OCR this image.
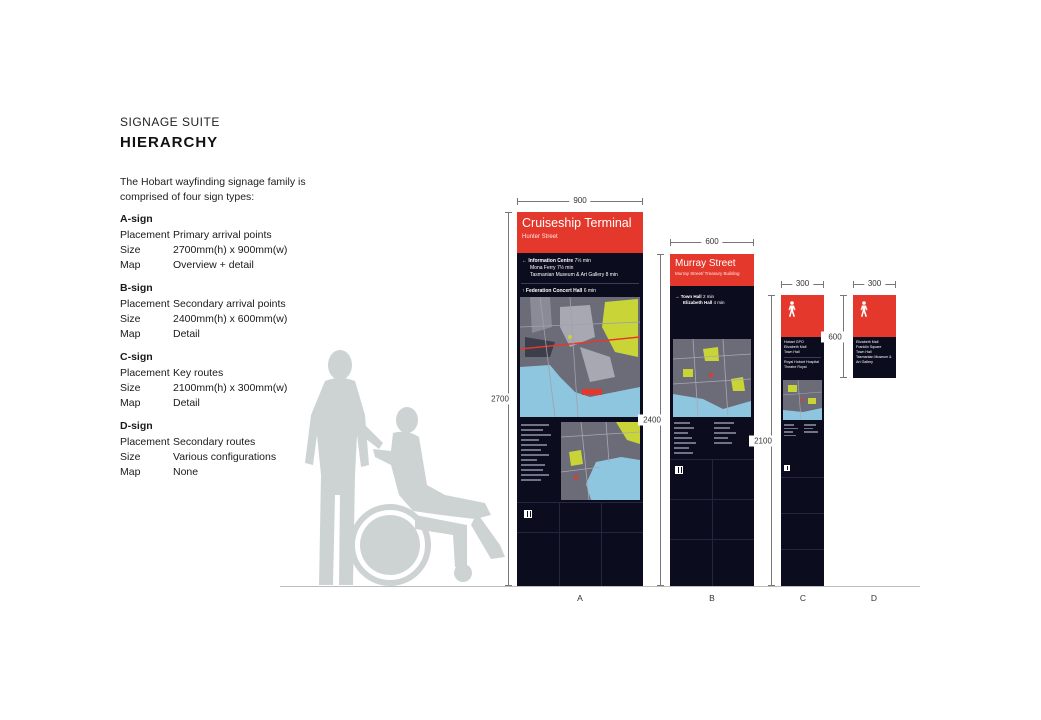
SIGNAGE SUITE
HIERARCHY
The Hobart wayfinding signage family is comprised of four sign types:
A-sign
Placement Primary arrival points
Size	2700mm(h) x 900mm(w)
Map	Overview + detail
B-sign
Placement Secondary arrival points
Size	2400mm(h) x 600mm(w)
Map	Detail
C-sign
Placement Key routes
Size	2100mm(h) x 300mm(w)
Map	Detail
D-sign
Placement Secondary routes
Size	Various configurations
Map	None
900
2700
Cruiseship Terminal
Hunter Street
← Information Centre 7½ min
Mona Ferry 7½ min
Tasmanian Museum & Art Gallery 8 min
↑ Federation Concert Hall 6 min
600
2400
Murray Street
Murray Street/ Treasury Building
→ Town Hall 2 min
Elizabeth Hall 4 min
300
2100
Hobart GPO
Elizabeth Mall
Town Hall
Royal Hobart Hospital
Theatre Royal
300
600
Elizabeth Mall
Franklin Square
Town Hall
Tasmanian Museum & Art Gallery
A	B	C	D
